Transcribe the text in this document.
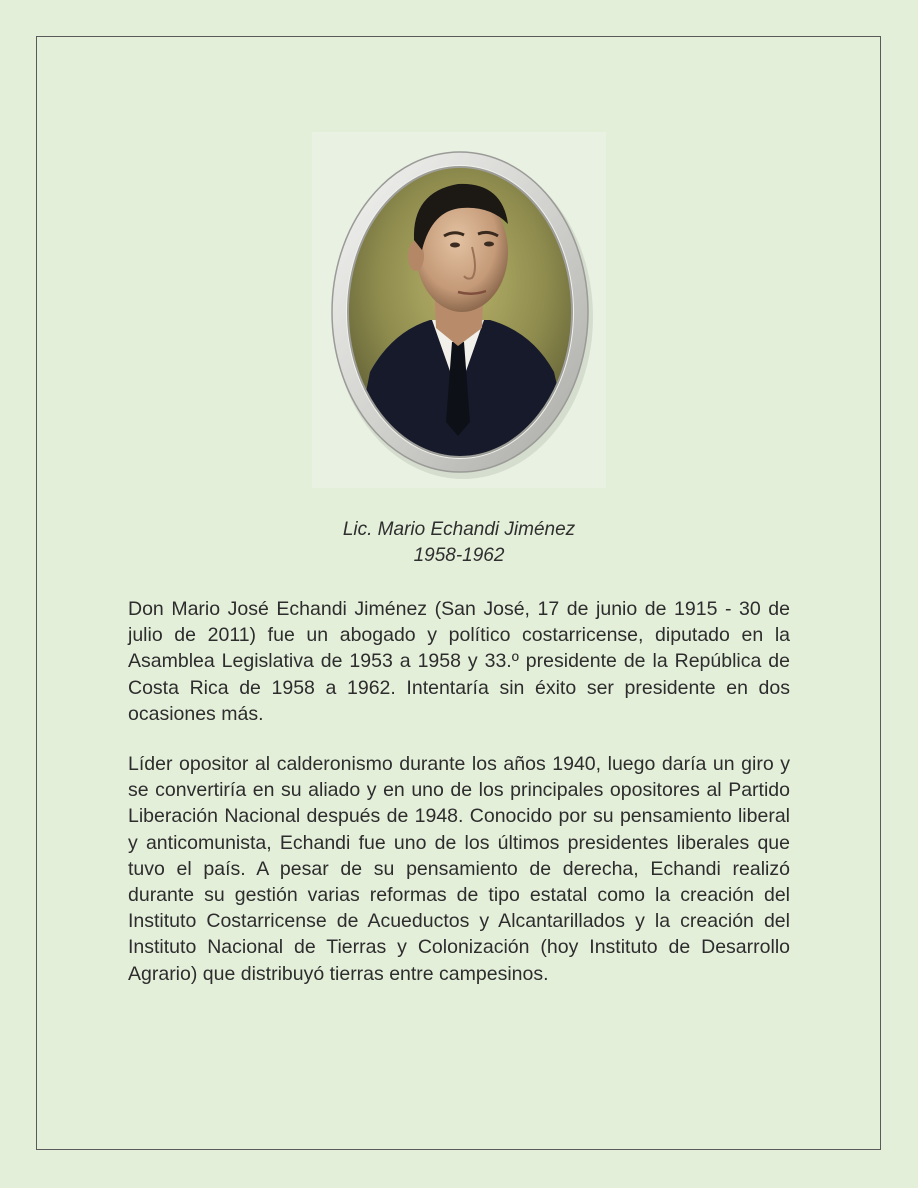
Lic. Mario Echandi Jiménez
1958-1962

Don Mario José Echandi Jiménez (San José, 17 de junio de 1915 - 30 de julio de 2011) fue un abogado y político costarricense, diputado en la Asamblea Legislativa de 1953 a 1958 y 33.º presidente de la República de Costa Rica de 1958 a 1962. Intentaría sin éxito ser presidente en dos ocasiones más.

Líder opositor al calderonismo durante los años 1940, luego daría un giro y se convertiría en su aliado y en uno de los principales opositores al Partido Liberación Nacional después de 1948. Conocido por su pensamiento liberal y anticomunista, Echandi fue uno de los últimos presidentes liberales que tuvo el país. A pesar de su pensamiento de derecha, Echandi realizó durante su gestión varias reformas de tipo estatal como la creación del Instituto Costarricense de Acueductos y Alcantarillados y la creación del Instituto Nacional de Tierras y Colonización (hoy Instituto de Desarrollo Agrario) que distribuyó tierras entre campesinos.
